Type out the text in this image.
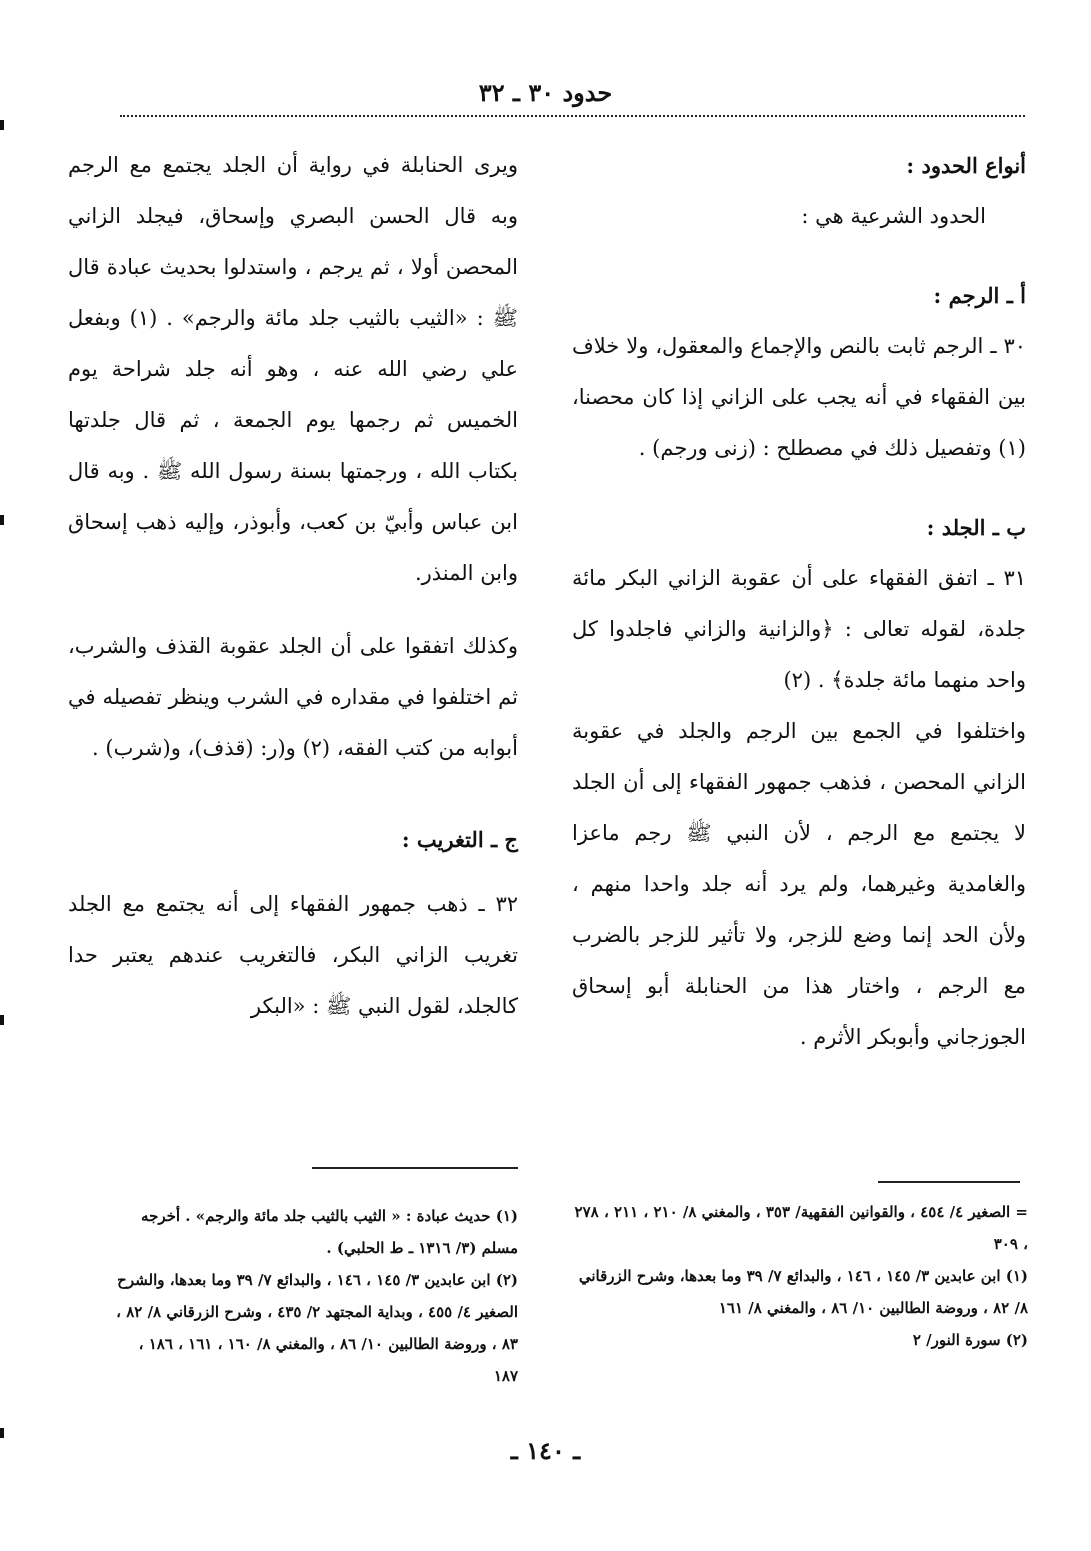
حدود ٣٠ ـ ٣٢

أنواع الحدود :

الحدود الشرعية هي :

أ ـ الرجم :

٣٠ ـ الرجم ثابت بالنص والإجماع والمعقول، ولا خلاف بين الفقهاء في أنه يجب على الزاني إذا كان محصنا، (١) وتفصيل ذلك في مصطلح : (زنى ورجم) .

ب ـ الجلد :

٣١ ـ اتفق الفقهاء على أن عقوبة الزاني البكر مائة جلدة، لقوله تعالى : ﴿والزانية والزاني فاجلدوا كل واحد منهما مائة جلدة﴾ . (٢)

واختلفوا في الجمع بين الرجم والجلد في عقوبة الزاني المحصن ، فذهب جمهور الفقهاء إلى أن الجلد لا يجتمع مع الرجم ، لأن النبي ﷺ رجم ماعزا والغامدية وغيرهما، ولم يرد أنه جلد واحدا منهم ، ولأن الحد إنما وضع للزجر، ولا تأثير للزجر بالضرب مع الرجم ، واختار هذا من الحنابلة أبو إسحاق الجوزجاني وأبوبكر الأثرم .

ويرى الحنابلة في رواية أن الجلد يجتمع مع الرجم وبه قال الحسن البصري وإسحاق، فيجلد الزاني المحصن أولا ، ثم يرجم ، واستدلوا بحديث عبادة قال ﷺ : «الثيب بالثيب جلد مائة والرجم» . (١) وبفعل علي رضي الله عنه ، وهو أنه جلد شراحة يوم الخميس ثم رجمها يوم الجمعة ، ثم قال جلدتها بكتاب الله ، ورجمتها بسنة رسول الله ﷺ . وبه قال ابن عباس وأبيّ بن كعب، وأبوذر، وإليه ذهب إسحاق وابن المنذر.

وكذلك اتفقوا على أن الجلد عقوبة القذف والشرب، ثم اختلفوا في مقداره في الشرب وينظر تفصيله في أبوابه من كتب الفقه، (٢) و(ر: (قذف)، و(شرب) .

ج ـ التغريب :

٣٢ ـ ذهب جمهور الفقهاء إلى أنه يجتمع مع الجلد تغريب الزاني البكر، فالتغريب عندهم يعتبر حدا كالجلد، لقول النبي ﷺ : «البكر

= الصغير ٤/ ٤٥٤ ، والقوانين الفقهية/ ٣٥٣ ، والمغني ٨/ ٢١٠ ، ٢١١ ، ٢٧٨ ، ٣٠٩

(١) ابن عابدين ٣/ ١٤٥ ، ١٤٦ ، والبدائع ٧/ ٣٩ وما بعدها، وشرح الزرقاني ٨/ ٨٢ ، وروضة الطالبين ١٠/ ٨٦ ، والمغني ٨/ ١٦١

(٢) سورة النور/ ٢

(١) حديث عبادة : « الثيب بالثيب جلد مائة والرجم» . أخرجه مسلم (٣/ ١٣١٦ ـ ط الحلبي) .

(٢) ابن عابدين ٣/ ١٤٥ ، ١٤٦ ، والبدائع ٧/ ٣٩ وما بعدها، والشرح الصغير ٤/ ٤٥٥ ، وبداية المجتهد ٢/ ٤٣٥ ، وشرح الزرقاني ٨/ ٨٢ ، ٨٣ ، وروضة الطالبين ١٠/ ٨٦ ، والمغني ٨/ ١٦٠ ، ١٦١ ، ١٨٦ ، ١٨٧

ـ ١٤٠ ـ
